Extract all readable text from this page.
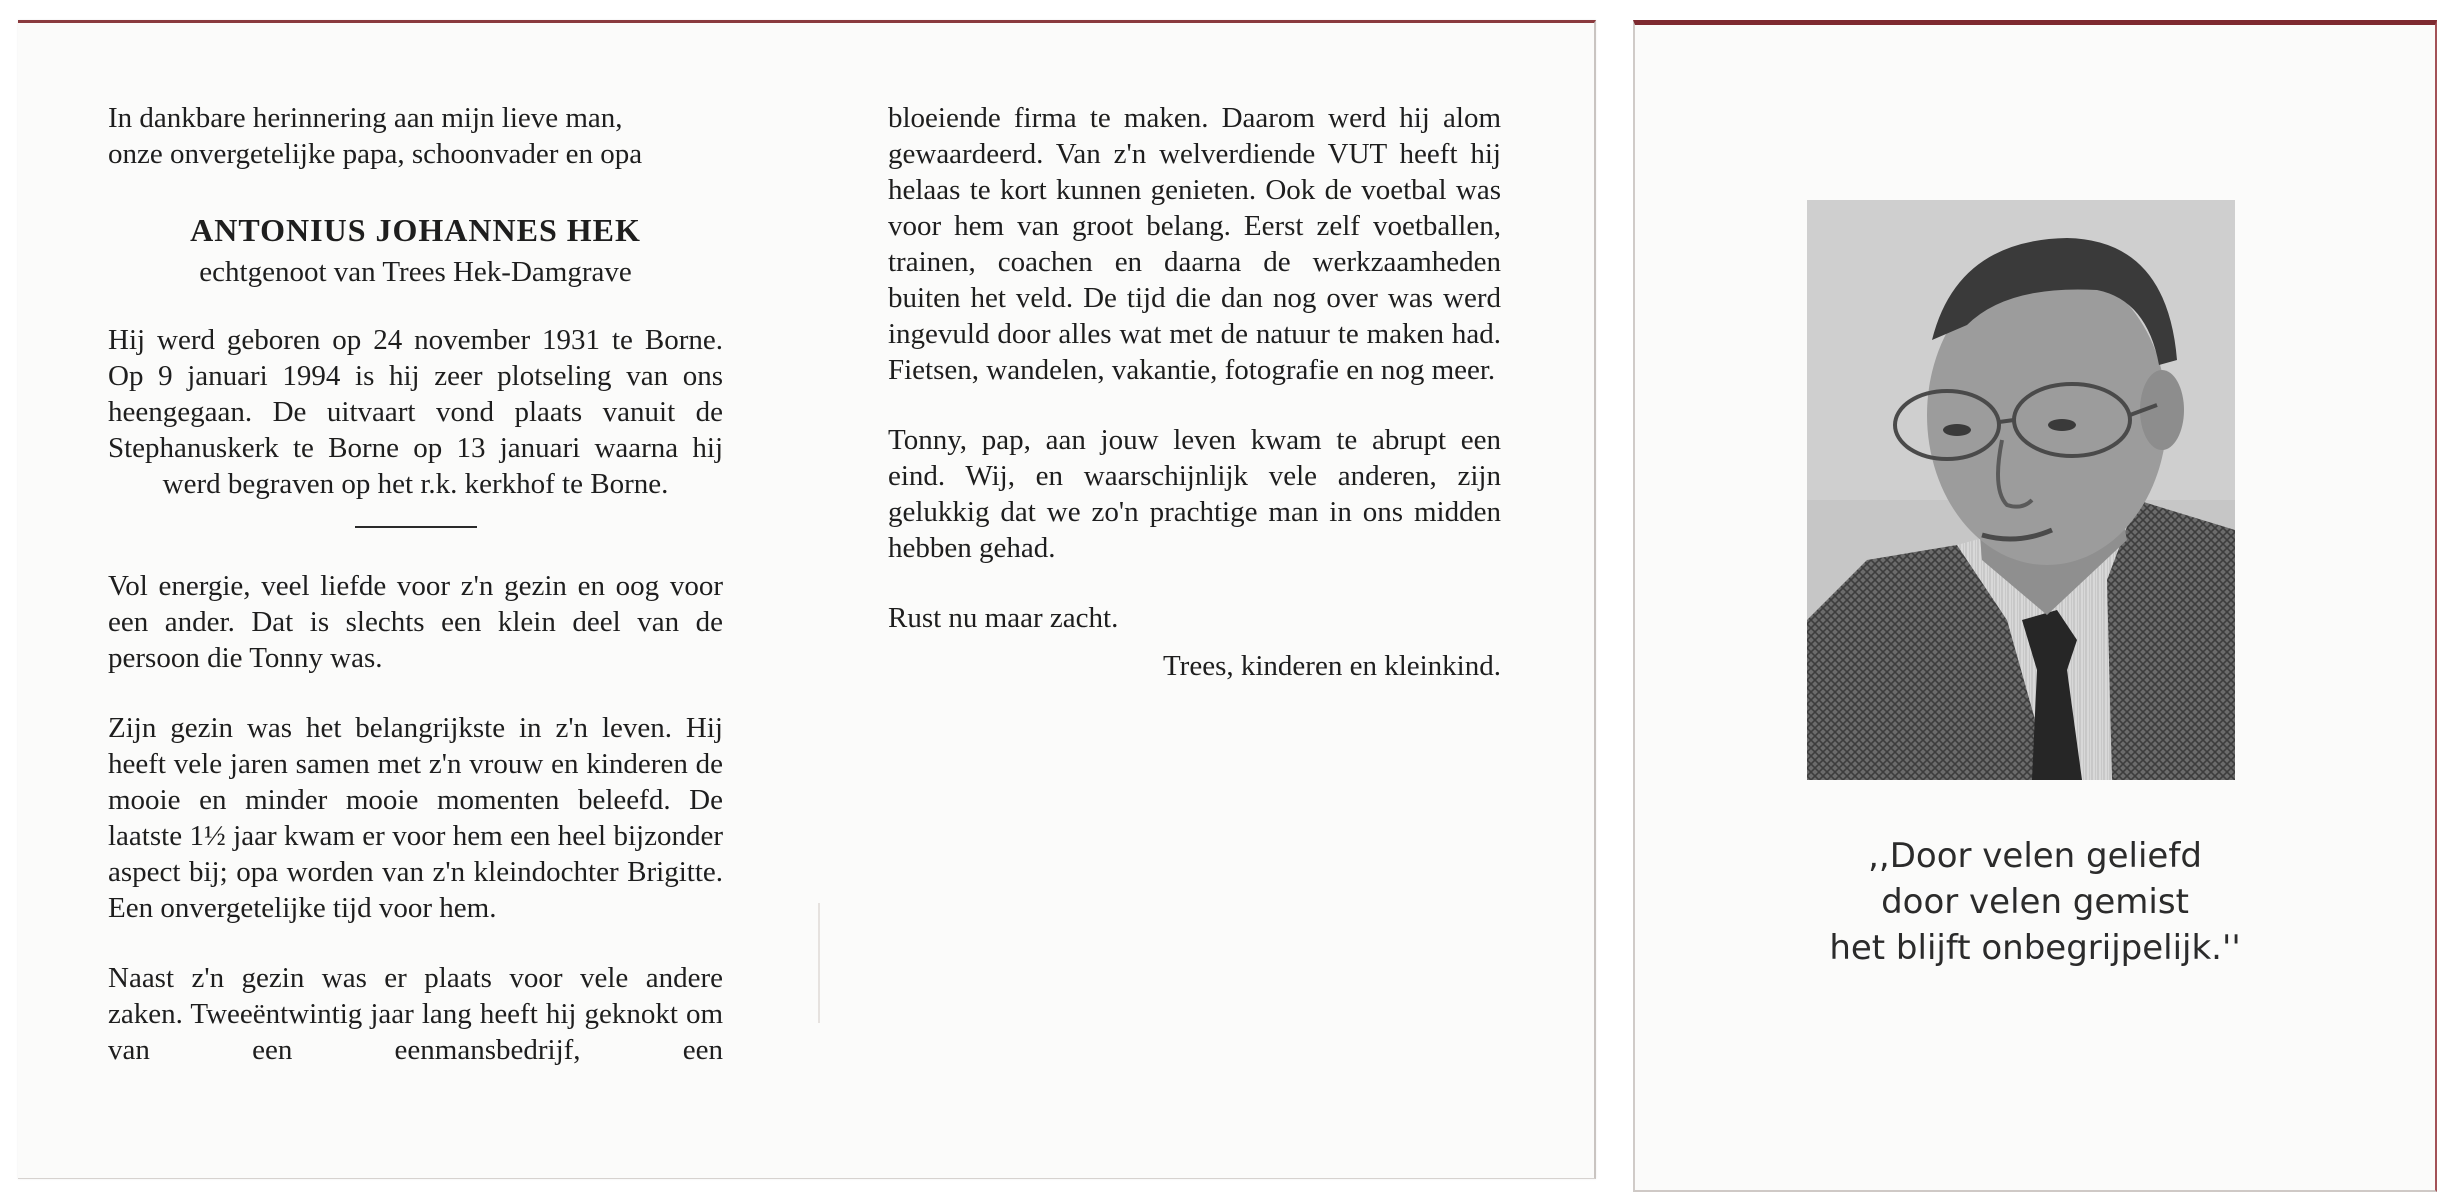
In dankbare herinnering aan mijn lieve man,
onze onvergetelijke papa, schoonvader en opa
ANTONIUS JOHANNES HEK
echtgenoot van Trees Hek-Damgrave

Hij werd geboren op 24 november 1931 te Borne. Op 9 januari 1994 is hij zeer plotseling van ons heengegaan. De uitvaart vond plaats vanuit de Stephanuskerk te Borne op 13 januari waarna hij werd begraven op het r.k. kerkhof te Borne.

Vol energie, veel liefde voor z'n gezin en oog voor een ander. Dat is slechts een klein deel van de persoon die Tonny was.

Zijn gezin was het belangrijkste in z'n leven. Hij heeft vele jaren samen met z'n vrouw en kinderen de mooie en minder mooie momenten beleefd. De laatste 1½ jaar kwam er voor hem een heel bijzonder aspect bij; opa worden van z'n kleindochter Brigitte. Een onvergetelijke tijd voor hem.

Naast z'n gezin was er plaats voor vele andere zaken. Tweeëntwintig jaar lang heeft hij geknokt om van een eenmansbedrijf, een

bloeiende firma te maken. Daarom werd hij alom gewaardeerd. Van z'n welverdiende VUT heeft hij helaas te kort kunnen genieten. Ook de voetbal was voor hem van groot belang. Eerst zelf voetballen, trainen, coachen en daarna de werkzaamheden buiten het veld. De tijd die dan nog over was werd ingevuld door alles wat met de natuur te maken had. Fietsen, wandelen, vakantie, fotografie en nog meer.

Tonny, pap, aan jouw leven kwam te abrupt een eind. Wij, en waarschijnlijk vele anderen, zijn gelukkig dat we zo'n prachtige man in ons midden hebben gehad.

Rust nu maar zacht.

Trees, kinderen en kleinkind.
,,Door velen geliefd
door velen gemist
het blijft onbegrijpelijk.''
